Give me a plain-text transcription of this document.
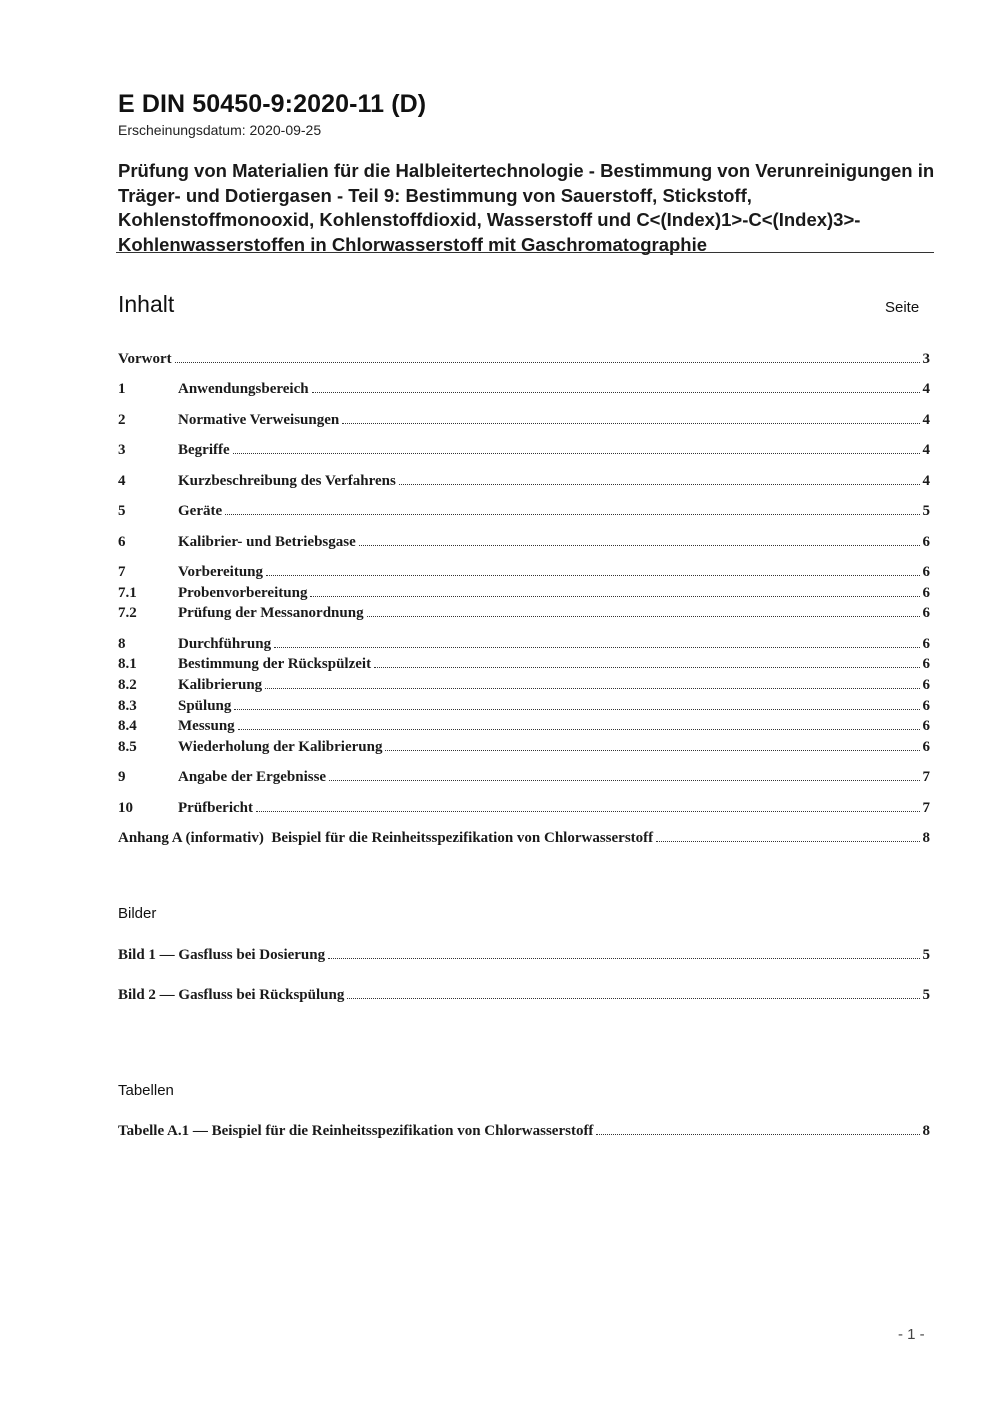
E DIN 50450-9:2020-11 (D)
Erscheinungsdatum: 2020-09-25
Prüfung von Materialien für die Halbleitertechnologie - Bestimmung von Verunreinigungen in Träger- und Dotiergasen - Teil 9: Bestimmung von Sauerstoff, Stickstoff, Kohlenstoffmonooxid, Kohlenstoffdioxid, Wasserstoff und C<(Index)1>-C<(Index)3>-Kohlenwasserstoffen in Chlorwasserstoff mit Gaschromatographie
Inhalt	Seite
Vorwort	3
1	Anwendungsbereich	4
2	Normative Verweisungen	4
3	Begriffe	4
4	Kurzbeschreibung des Verfahrens	4
5	Geräte	5
6	Kalibrier- und Betriebsgase	6
7	Vorbereitung	6
7.1	Probenvorbereitung	6
7.2	Prüfung der Messanordnung	6
8	Durchführung	6
8.1	Bestimmung der Rückspülzeit	6
8.2	Kalibrierung	6
8.3	Spülung	6
8.4	Messung	6
8.5	Wiederholung der Kalibrierung	6
9	Angabe der Ergebnisse	7
10	Prüfbericht	7
Anhang A (informativ)  Beispiel für die Reinheitsspezifikation von Chlorwasserstoff	8
Bild 1 — Gasfluss bei Dosierung	5
Bild 2 — Gasfluss bei Rückspülung	5
Tabelle A.1 — Beispiel für die Reinheitsspezifikation von Chlorwasserstoff	8
Bilder
Tabellen
- 1 -
